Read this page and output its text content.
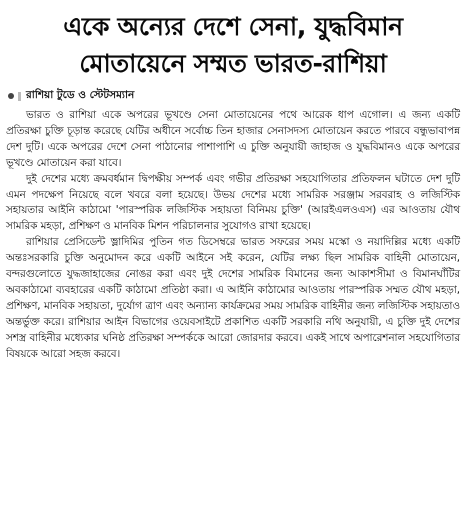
একে অন্যের দেশে সেনা, যুদ্ধবিমান
মোতায়েনে সম্মত ভারত-রাশিয়া
রাশিয়া টুডে ও স্টেটসম্যান

ভারত ও রাশিয়া একে অপরের ভূখণ্ডে সেনা মোতায়েনের পথে আরেক ধাপ এগোল। এ জন্য একটি প্রতিরক্ষা চুক্তি চূড়ান্ত করেছে যেটির অধীনে সর্বোচ্চ তিন হাজার সেনাসদস্য মোতায়েন করতে পারবে বন্ধুভাবাপন্ন দেশ দুটি। একে অপরের দেশে সেনা পাঠানোর পাশাপাশি এ চুক্তি অনুযায়ী জাহাজ ও যুদ্ধবিমানও একে অপরের ভূখণ্ডে মোতায়েন করা যাবে।

দুই দেশের মধ্যে ক্রমবর্ধমান দ্বিপক্ষীয় সম্পর্ক এবং গভীর প্রতিরক্ষা সহযোগিতার প্রতিফলন ঘটাতে দেশ দুটি এমন পদক্ষেপ নিয়েছে বলে খবরে বলা হয়েছে। উভয় দেশের মধ্যে সামরিক সরঞ্জাম সরবরাহ ও লজিস্টিক সহায়তার আইনি কাঠামো 'পারস্পরিক লজিস্টিক সহায়তা বিনিময় চুক্তি' (আরইএলওএস) এর আওতায় যৌথ সামরিক মহড়া, প্রশিক্ষণ ও মানবিক মিশন পরিচালনার সুযোগও রাখা হয়েছে।

রাশিয়ার প্রেসিডেন্ট ভ্লাদিমির পুতিন গত ডিসেম্বরে ভারত সফরের সময় মস্কো ও নয়াদিল্লির মধ্যে একটি অন্তঃসরকারি চুক্তি অনুমোদন করে একটি আইনে সই করেন, যেটির লক্ষ্য ছিল সামরিক বাহিনী মোতায়েন, বন্দরগুলোতে যুদ্ধজাহাজের নোঙর করা এবং দুই দেশের সামরিক বিমানের জন্য আকাশসীমা ও বিমানঘাঁটির অবকাঠামো ব্যবহারের একটি কাঠামো প্রতিষ্ঠা করা। এ আইনি কাঠামোর আওতায় পারস্পরিক সম্মত যৌথ মহড়া, প্রশিক্ষণ, মানবিক সহায়তা, দুর্যোগ ত্রাণ এবং অন্যান্য কার্যক্রমের সময় সামরিক বাহিনীর জন্য লজিস্টিক সহায়তাও অন্তর্ভুক্ত করে। রাশিয়ার আইন বিভাগের ওয়েবসাইটে প্রকাশিত একটি সরকারি নথি অনুযায়ী, এ চুক্তি দুই দেশের সশস্ত্র বাহিনীর মধ্যেকার ঘনিষ্ঠ প্রতিরক্ষা সম্পর্ককে আরো জোরদার করবে। একই সাথে অপারেশনাল সহযোগিতার বিষয়কে আরো সহজ করবে।
